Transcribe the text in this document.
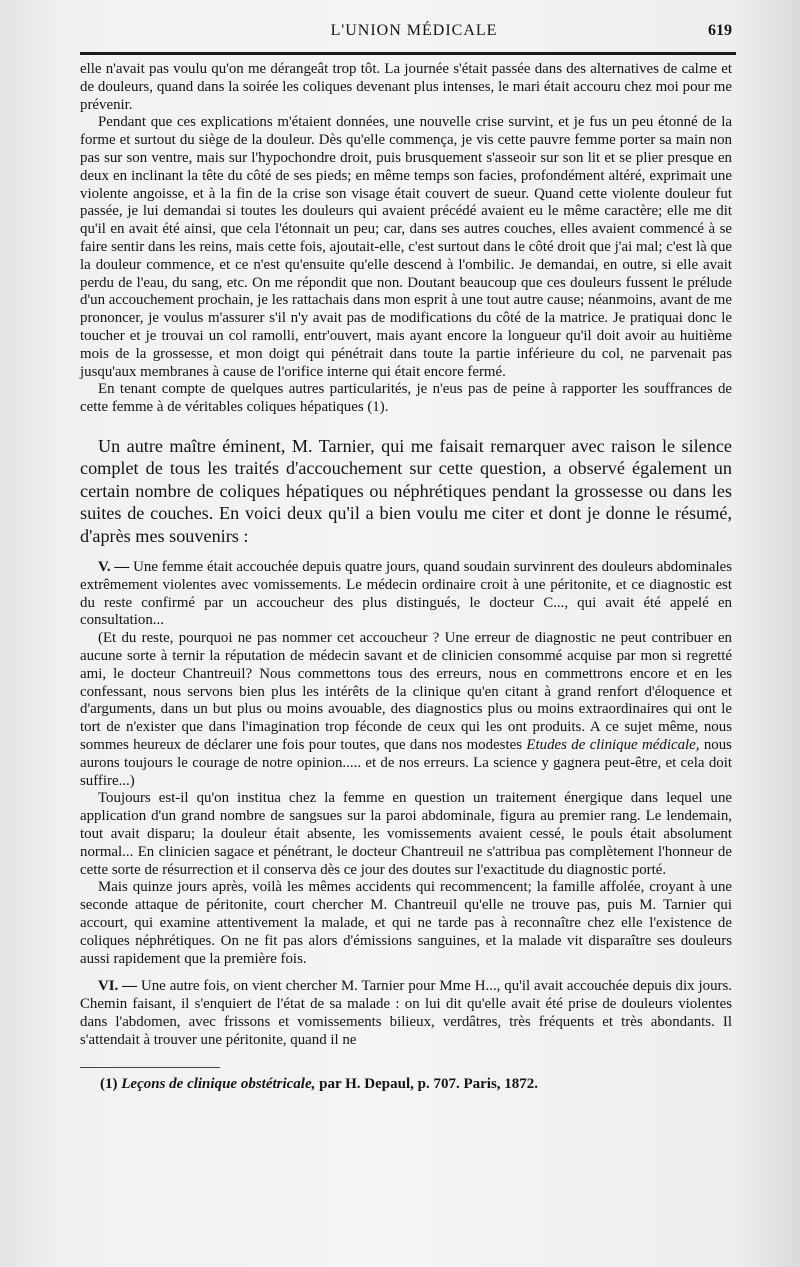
L'UNION MÉDICALE	619

elle n'avait pas voulu qu'on me dérangeât trop tôt. La journée s'était passée dans des alternatives de calme et de douleurs, quand dans la soirée les coliques devenant plus intenses, le mari était accouru chez moi pour me prévenir.

Pendant que ces explications m'étaient données, une nouvelle crise survint, et je fus un peu étonné de la forme et surtout du siège de la douleur. Dès qu'elle commença, je vis cette pauvre femme porter sa main non pas sur son ventre, mais sur l'hypochondre droit, puis brusquement s'asseoir sur son lit et se plier presque en deux en inclinant la tête du côté de ses pieds; en même temps son facies, profondément altéré, exprimait une violente angoisse, et à la fin de la crise son visage était couvert de sueur. Quand cette violente douleur fut passée, je lui demandai si toutes les douleurs qui avaient précédé avaient eu le même caractère; elle me dit qu'il en avait été ainsi, que cela l'étonnait un peu; car, dans ses autres couches, elles avaient commencé à se faire sentir dans les reins, mais cette fois, ajoutait-elle, c'est surtout dans le côté droit que j'ai mal; c'est là que la douleur commence, et ce n'est qu'ensuite qu'elle descend à l'ombilic. Je demandai, en outre, si elle avait perdu de l'eau, du sang, etc. On me répondit que non. Doutant beaucoup que ces douleurs fussent le prélude d'un accouchement prochain, je les rattachais dans mon esprit à une tout autre cause; néanmoins, avant de me prononcer, je voulus m'assurer s'il n'y avait pas de modifications du côté de la matrice. Je pratiquai donc le toucher et je trouvai un col ramolli, entr'ouvert, mais ayant encore la longueur qu'il doit avoir au huitième mois de la grossesse, et mon doigt qui pénétrait dans toute la partie inférieure du col, ne parvenait pas jusqu'aux membranes à cause de l'orifice interne qui était encore fermé.

En tenant compte de quelques autres particularités, je n'eus pas de peine à rapporter les souffrances de cette femme à de véritables coliques hépatiques (1).

Un autre maître éminent, M. Tarnier, qui me faisait remarquer avec raison le silence complet de tous les traités d'accouchement sur cette question, a observé également un certain nombre de coliques hépatiques ou néphrétiques pendant la grossesse ou dans les suites de couches. En voici deux qu'il a bien voulu me citer et dont je donne le résumé, d'après mes souvenirs :

V. — Une femme était accouchée depuis quatre jours, quand soudain survinrent des douleurs abdominales extrêmement violentes avec vomissements. Le médecin ordinaire croit à une péritonite, et ce diagnostic est du reste confirmé par un accoucheur des plus distingués, le docteur C..., qui avait été appelé en consultation...

(Et du reste, pourquoi ne pas nommer cet accoucheur ? Une erreur de diagnostic ne peut contribuer en aucune sorte à ternir la réputation de médecin savant et de clinicien consommé acquise par mon si regretté ami, le docteur Chantreuil? Nous commettons tous des erreurs, nous en commettrons encore et en les confessant, nous servons bien plus les intérêts de la clinique qu'en citant à grand renfort d'éloquence et d'arguments, dans un but plus ou moins avouable, des diagnostics plus ou moins extraordinaires qui ont le tort de n'exister que dans l'imagination trop féconde de ceux qui les ont produits. A ce sujet même, nous sommes heureux de déclarer une fois pour toutes, que dans nos modestes Etudes de clinique médicale, nous aurons toujours le courage de notre opinion..... et de nos erreurs. La science y gagnera peut-être, et cela doit suffire...)

Toujours est-il qu'on institua chez la femme en question un traitement énergique dans lequel une application d'un grand nombre de sangsues sur la paroi abdominale, figura au premier rang. Le lendemain, tout avait disparu; la douleur était absente, les vomissements avaient cessé, le pouls était absolument normal... En clinicien sagace et pénétrant, le docteur Chantreuil ne s'attribua pas complètement l'honneur de cette sorte de résurrection et il conserva dès ce jour des doutes sur l'exactitude du diagnostic porté.

Mais quinze jours après, voilà les mêmes accidents qui recommencent; la famille affolée, croyant à une seconde attaque de péritonite, court chercher M. Chantreuil qu'elle ne trouve pas, puis M. Tarnier qui accourt, qui examine attentivement la malade, et qui ne tarde pas à reconnaître chez elle l'existence de coliques néphrétiques. On ne fit pas alors d'émissions sanguines, et la malade vit disparaître ses douleurs aussi rapidement que la première fois.

VI. — Une autre fois, on vient chercher M. Tarnier pour Mme H..., qu'il avait accouchée depuis dix jours. Chemin faisant, il s'enquiert de l'état de sa malade : on lui dit qu'elle avait été prise de douleurs violentes dans l'abdomen, avec frissons et vomissements bilieux, verdâtres, très fréquents et très abondants. Il s'attendait à trouver une péritonite, quand il ne

(1) Leçons de clinique obstétricale, par H. Depaul, p. 707. Paris, 1872.
